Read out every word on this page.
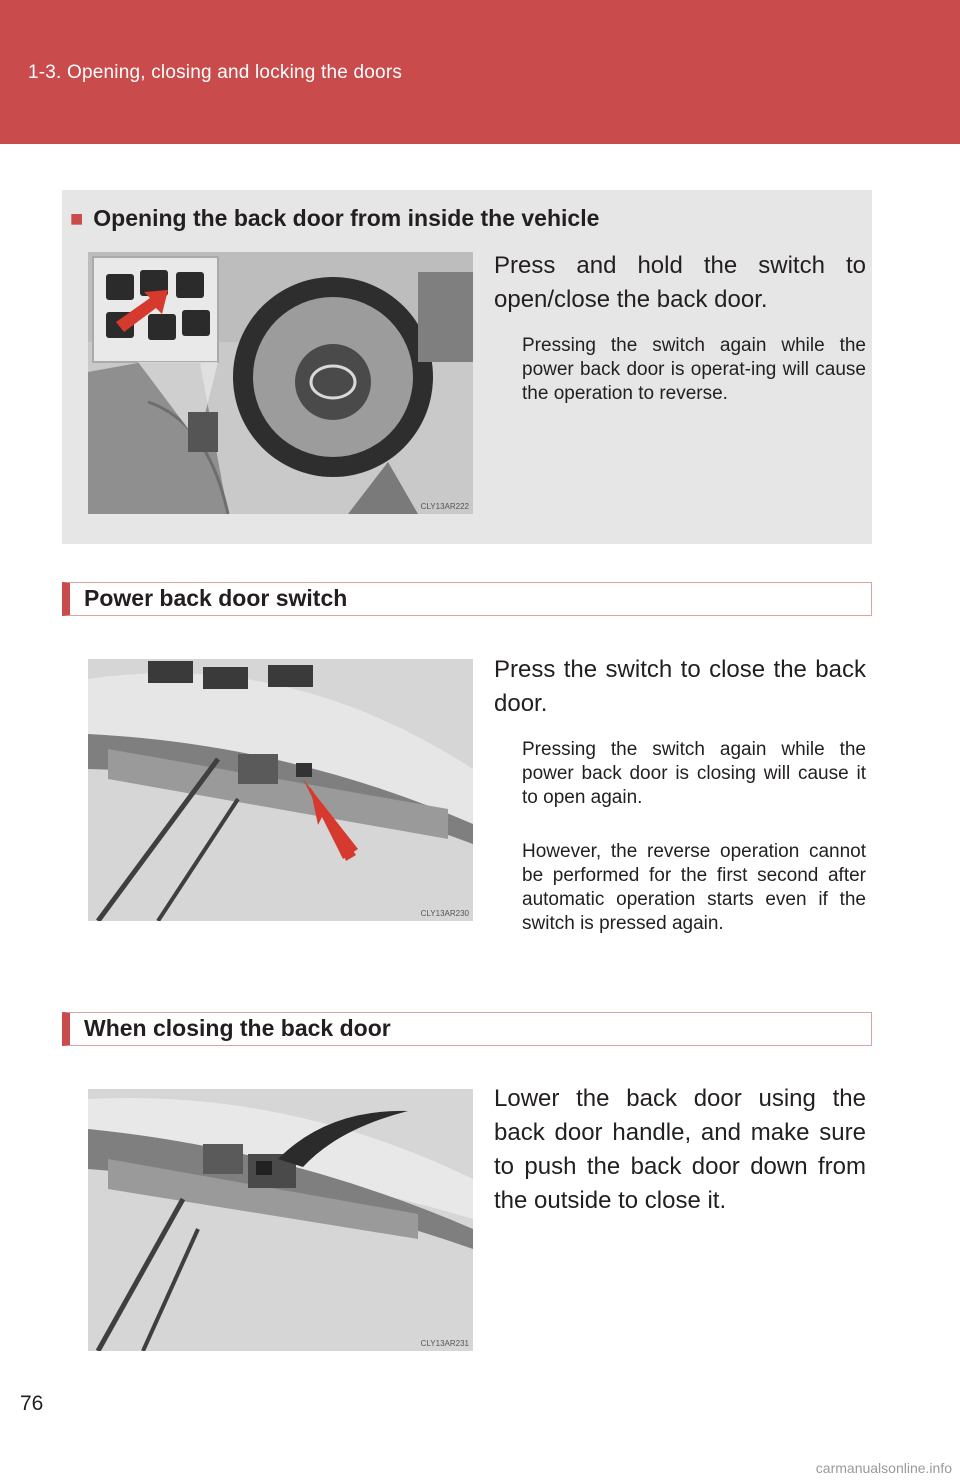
1-3. Opening, closing and locking the doors
■ Opening the back door from inside the vehicle
CLY13AR222
Press and hold the switch to open/close the back door.
Pressing the switch again while the power back door is operat-ing will cause the operation to reverse.
Power back door switch
CLY13AR230
Press the switch to close the back door.
Pressing the switch again while the power back door is closing will cause it to open again.
However, the reverse operation cannot be performed for the first second after automatic operation starts even if the switch is pressed again.
When closing the back door
CLY13AR231
Lower the back door using the back door handle, and make sure to push the back door down from the outside to close it.
76
carmanualsonline.info
